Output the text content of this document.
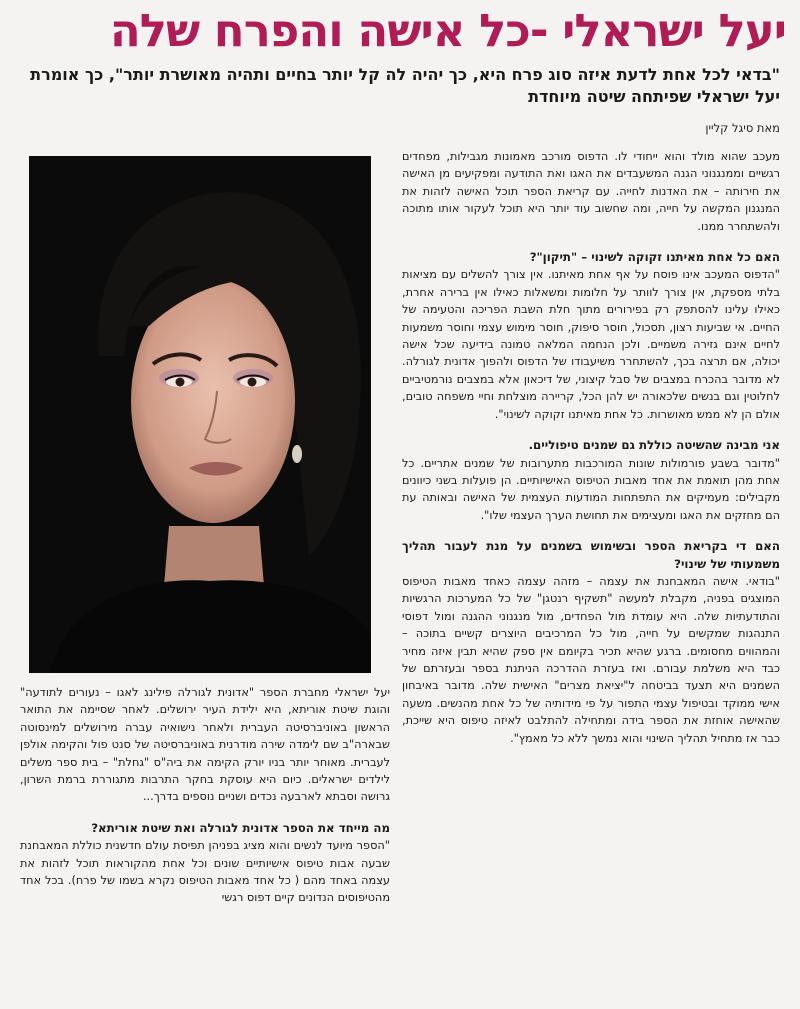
יעל ישראלי -כל אישה והפרח שלה
"בדאי לכל אחת לדעת איזה סוג פרח היא, כך יהיה לה קל יותר בחיים ותהיה מאושרת יותר", כך אומרת יעל ישראלי שפיתחה שיטה מיוחדת
מאת סיגל קליין

מעכב שהוא מולד והוא ייחודי לו. הדפוס מורכב מאמונות מגבילות, מפחדים רגשיים וממנגנוני הגנה המשעבדים את האגו ואת התודעה ומפקיעים מן האישה את חירותה – את האדנות לחייה. עם קריאת הספר תוכל האישה לזהות את המנגנון המקשה על חייה, ומה שחשוב עוד יותר היא תוכל לעקור אותו מתוכה ולהשתחרר ממנו.

האם כל אחת מאיתנו זקוקה לשינוי – "תיקון"?

"הדפוס המעכב אינו פוסח על אף אחת מאיתנו. אין צורך להשלים עם מציאות בלתי מספקת, אין צורך לוותר על חלומות ומשאלות כאילו אין ברירה אחרת, כאילו עלינו להסתפק רק בפירורים מתוך חלת השבת הפריכה והטעימה של החיים. אי שביעות רצון, תסכול, חוסר סיפוק, חוסר מימוש עצמי וחוסר משמעות לחיים אינם גזירה משמיים. ולכן הנחמה המלאה טמונה בידיעה שכל אישה יכולה, אם תרצה בכך, להשתחרר משיעבודו של הדפוס ולהפוך אדונית לגורלה. לא מדובר בהכרח במצבים של סבל קיצוני, של דיכאון אלא במצבים נורמטיביים לחלוטין וגם בנשים שלכאורה יש להן הכל, קריירה מוצלחת וחיי משפחה טובים, אולם הן לא ממש מאושרות. כל אחת מאיתנו זקוקה לשינוי".

אני מבינה שהשיטה כוללת גם שמנים טיפוליים.

"מדובר בשבע פורמולות שונות המורכבות מתערובות של שמנים אתריים. כל אחת מהן תואמת את אחד מאבות הטיפוס האישיותיים. הן פועלות בשני כיוונים מקבילים: מעמיקים את התפתחות המודעות העצמית של האישה ובאותה עת הם מחזקים את האגו ומעצימים את תחושת הערך העצמי שלו".

האם די בקריאת הספר ובשימוש בשמנים על מנת לעבור תהליך משמעותי של שינוי?

"בודאי. אישה המאבחנת את עצמה – מזהה עצמה כאחד מאבות הטיפוס המוצגים בפניה, מקבלת למעשה "תשקיף רנטגן" של כל המערכות הרגשיות והתודעתיות שלה. היא עומדת מול הפחדים, מול מנגנוני ההגנה ומול דפוסי התנהגות שמקשים על חייה, מול כל המרכיבים היוצרים קשיים בתוכה – והמהווים מחסומים. ברגע שהיא תכיר בקיומם אין ספק שהיא תבין איזה מחיר כבד היא משלמת עבורם. ואז בעזרת ההדרכה הניתנת בספר ובעזרתם של השמנים היא תצעד בביטחה ל"יציאת מצרים" האישית שלה. מדובר באיבחון אישי ממוקד ובטיפול עצמי התפור על פי מידותיה של כל אחת מהנשים. משעה שהאישה אוחזת את הספר בידה ומתחילה להתלבט לאיזה טיפוס היא שייכת, כבר אז מתחיל תהליך השינוי והוא נמשך ללא כל מאמץ".

יעל ישראלי מחברת הספר "אדונית לגורלה פילינג לאגו – נעורים לתודעה" והוגת שיטת אוריתא, היא ילידת העיר ירושלים. לאחר שסיימה את התואר הראשון באוניברסיטה העברית ולאחר נישואיה עברה מירושלים למינסוטה שבארה"ב שם לימדה שירה מודרנית באוניברסיטה של סנט פול והקימה אולפן לעברית. מאוחר יותר בניו יורק הקימה את ביה"ס "גחלת" – בית ספר משלים לילדים ישראלים. כיום היא עוסקת בחקר התרבות מתגוררת ברמת השרון, גרושה וסבתא לארבעה נכדים ושניים נוספים בדרך...

מה מייחד את הספר אדונית לגורלה ואת שיטת אוריתא?

"הספר מיועד לנשים והוא מציג בפניהן תפיסת עולם חדשנית כוללת המאבחנת שבעה אבות טיפוס אישיותיים שונים וכל אחת מהקוראות תוכל לזהות את עצמה באחד מהם ( כל אחד מאבות הטיפוס נקרא בשמו של פרח). בכל אחד מהטיפוסים הנדונים קיים דפוס רגשי
